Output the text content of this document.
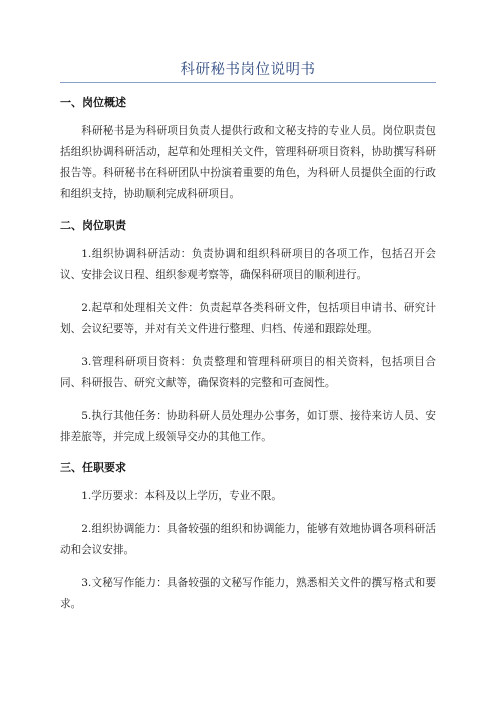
科研秘书岗位说明书
一、岗位概述

科研秘书是为科研项目负责人提供行政和文秘支持的专业人员。岗位职责包括组织协调科研活动，起草和处理相关文件，管理科研项目资料，协助撰写科研报告等。科研秘书在科研团队中扮演着重要的角色，为科研人员提供全面的行政和组织支持，协助顺利完成科研项目。

二、岗位职责

1.组织协调科研活动：负责协调和组织科研项目的各项工作，包括召开会议、安排会议日程、组织参观考察等，确保科研项目的顺利进行。

2.起草和处理相关文件：负责起草各类科研文件，包括项目申请书、研究计划、会议纪要等，并对有关文件进行整理、归档、传递和跟踪处理。

3.管理科研项目资料：负责整理和管理科研项目的相关资料，包括项目合同、科研报告、研究文献等，确保资料的完整和可查阅性。

5.执行其他任务：协助科研人员处理办公事务，如订票、接待来访人员、安排差旅等，并完成上级领导交办的其他工作。

三、任职要求

1.学历要求：本科及以上学历，专业不限。

2.组织协调能力：具备较强的组织和协调能力，能够有效地协调各项科研活动和会议安排。

3.文秘写作能力：具备较强的文秘写作能力，熟悉相关文件的撰写格式和要求。
